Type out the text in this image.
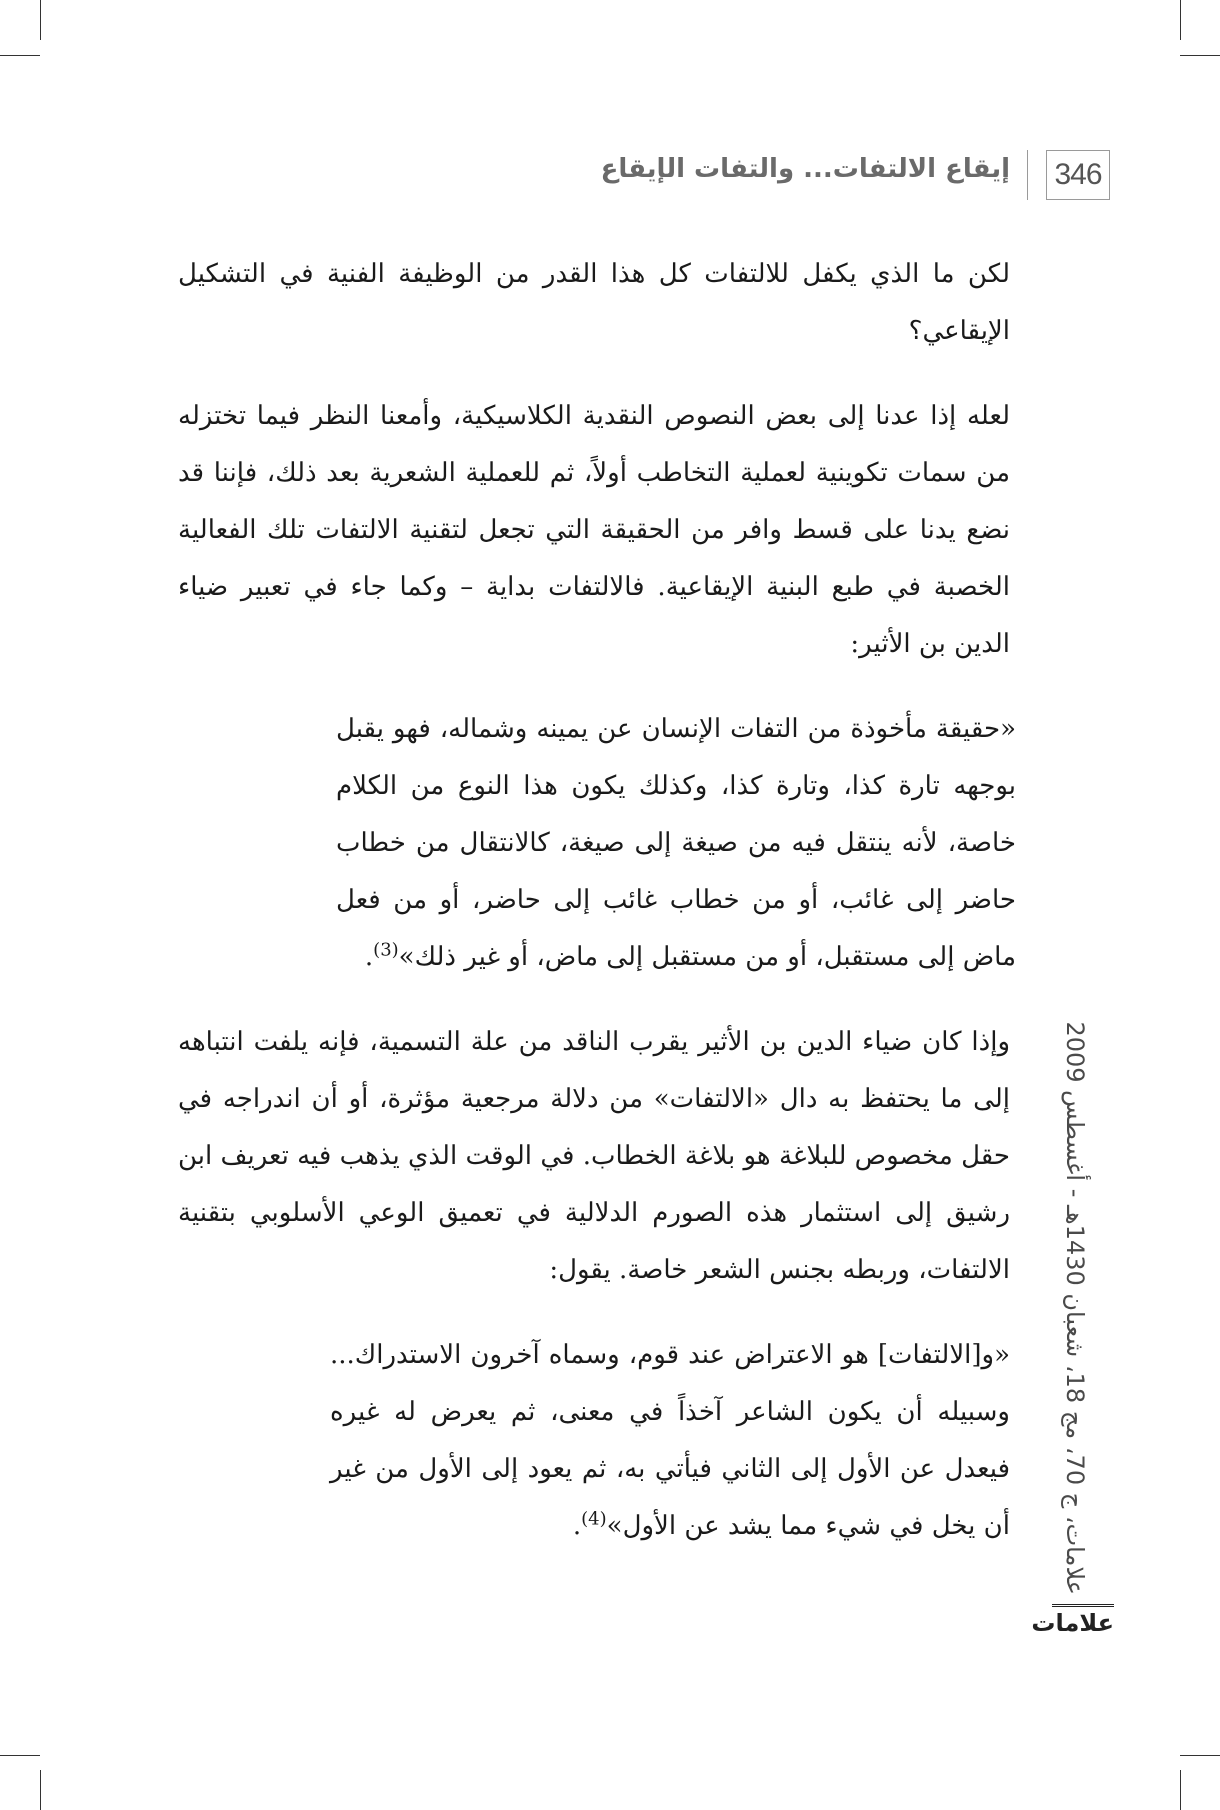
346
إيقاع الالتفات... والتفات الإيقاع

لكن ما الذي يكفل للالتفات كل هذا القدر من الوظيفة الفنية في التشكيل الإيقاعي؟

لعله إذا عدنا إلى بعض النصوص النقدية الكلاسيكية، وأمعنا النظر فيما تختزله من سمات تكوينية لعملية التخاطب أولاً، ثم للعملية الشعرية بعد ذلك، فإننا قد نضع يدنا على قسط وافر من الحقيقة التي تجعل لتقنية الالتفات تلك الفعالية الخصبة في طبع البنية الإيقاعية. فالالتفات بداية – وكما جاء في تعبير ضياء الدين بن الأثير:

«حقيقة مأخوذة من التفات الإنسان عن يمينه وشماله، فهو يقبل بوجهه تارة كذا، وتارة كذا، وكذلك يكون هذا النوع من الكلام خاصة، لأنه ينتقل فيه من صيغة إلى صيغة، كالانتقال من خطاب حاضر إلى غائب، أو من خطاب غائب إلى حاضر، أو من فعل ماض إلى مستقبل، أو من مستقبل إلى ماض، أو غير ذلك»$^{(3)}$.

وإذا كان ضياء الدين بن الأثير يقرب الناقد من علة التسمية، فإنه يلفت انتباهه إلى ما يحتفظ به دال «الالتفات» من دلالة مرجعية مؤثرة، أو أن اندراجه في حقل مخصوص للبلاغة هو بلاغة الخطاب. في الوقت الذي يذهب فيه تعريف ابن رشيق إلى استثمار هذه الصورم الدلالية في تعميق الوعي الأسلوبي بتقنية الالتفات، وربطه بجنس الشعر خاصة. يقول:

«و[الالتفات] هو الاعتراض عند قوم، وسماه آخرون الاستدراك... وسبيله أن يكون الشاعر آخذاً في معنى، ثم يعرض له غيره فيعدل عن الأول إلى الثاني فيأتي به، ثم يعود إلى الأول من غير أن يخل في شيء مما يشد عن الأول»$^{(4)}$.
علامات، ج 70، مج 18، شعبان 1430هـ - أغسطس 2009
علامات
